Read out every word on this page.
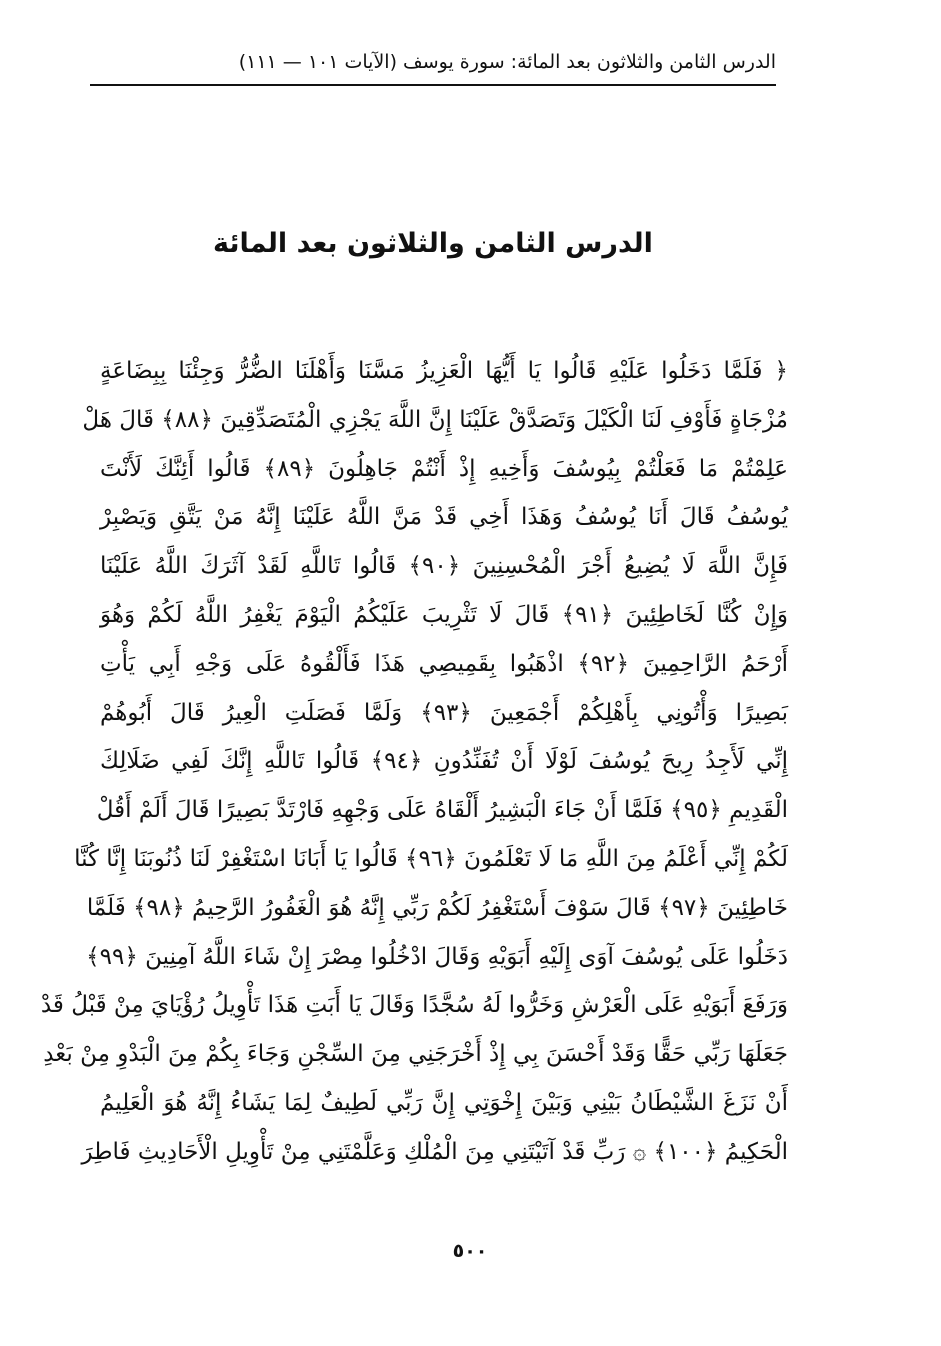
الدرس الثامن والثلاثون بعد المائة: سورة يوسف (الآيات ١٠١ — ١١١)
الدرس الثامن والثلاثون بعد المائة
﴿ فَلَمَّا دَخَلُوا عَلَيْهِ قَالُوا يَا أَيُّهَا الْعَزِيزُ مَسَّنَا وَأَهْلَنَا الضُّرُّ وَجِئْنَا بِبِضَاعَةٍ
مُزْجَاةٍ فَأَوْفِ لَنَا الْكَيْلَ وَتَصَدَّقْ عَلَيْنَا إِنَّ اللَّهَ يَجْزِي الْمُتَصَدِّقِينَ ﴿٨٨﴾ قَالَ هَلْ
عَلِمْتُمْ مَا فَعَلْتُمْ بِيُوسُفَ وَأَخِيهِ إِذْ أَنْتُمْ جَاهِلُونَ ﴿٨٩﴾ قَالُوا أَئِنَّكَ لَأَنْتَ
يُوسُفُ قَالَ أَنَا يُوسُفُ وَهَذَا أَخِي قَدْ مَنَّ اللَّهُ عَلَيْنَا إِنَّهُ مَنْ يَتَّقِ وَيَصْبِرْ
فَإِنَّ اللَّهَ لَا يُضِيعُ أَجْرَ الْمُحْسِنِينَ ﴿٩٠﴾ قَالُوا تَاللَّهِ لَقَدْ آثَرَكَ اللَّهُ عَلَيْنَا
وَإِنْ كُنَّا لَخَاطِئِينَ ﴿٩١﴾ قَالَ لَا تَثْرِيبَ عَلَيْكُمُ الْيَوْمَ يَغْفِرُ اللَّهُ لَكُمْ وَهُوَ
أَرْحَمُ الرَّاحِمِينَ ﴿٩٢﴾ اذْهَبُوا بِقَمِيصِي هَذَا فَأَلْقُوهُ عَلَى وَجْهِ أَبِي يَأْتِ
بَصِيرًا وَأْتُونِي بِأَهْلِكُمْ أَجْمَعِينَ ﴿٩٣﴾ وَلَمَّا فَصَلَتِ الْعِيرُ قَالَ أَبُوهُمْ
إِنِّي لَأَجِدُ رِيحَ يُوسُفَ لَوْلَا أَنْ تُفَنِّدُونِ ﴿٩٤﴾ قَالُوا تَاللَّهِ إِنَّكَ لَفِي ضَلَالِكَ
الْقَدِيمِ ﴿٩٥﴾ فَلَمَّا أَنْ جَاءَ الْبَشِيرُ أَلْقَاهُ عَلَى وَجْهِهِ فَارْتَدَّ بَصِيرًا قَالَ أَلَمْ أَقُلْ
لَكُمْ إِنِّي أَعْلَمُ مِنَ اللَّهِ مَا لَا تَعْلَمُونَ ﴿٩٦﴾ قَالُوا يَا أَبَانَا اسْتَغْفِرْ لَنَا ذُنُوبَنَا إِنَّا كُنَّا
خَاطِئِينَ ﴿٩٧﴾ قَالَ سَوْفَ أَسْتَغْفِرُ لَكُمْ رَبِّي إِنَّهُ هُوَ الْغَفُورُ الرَّحِيمُ ﴿٩٨﴾ فَلَمَّا
دَخَلُوا عَلَى يُوسُفَ آوَى إِلَيْهِ أَبَوَيْهِ وَقَالَ ادْخُلُوا مِصْرَ إِنْ شَاءَ اللَّهُ آمِنِينَ ﴿٩٩﴾
وَرَفَعَ أَبَوَيْهِ عَلَى الْعَرْشِ وَخَرُّوا لَهُ سُجَّدًا وَقَالَ يَا أَبَتِ هَذَا تَأْوِيلُ رُؤْيَايَ مِنْ قَبْلُ قَدْ
جَعَلَهَا رَبِّي حَقًّا وَقَدْ أَحْسَنَ بِي إِذْ أَخْرَجَنِي مِنَ السِّجْنِ وَجَاءَ بِكُمْ مِنَ الْبَدْوِ مِنْ بَعْدِ
أَنْ نَزَغَ الشَّيْطَانُ بَيْنِي وَبَيْنَ إِخْوَتِي إِنَّ رَبِّي لَطِيفٌ لِمَا يَشَاءُ إِنَّهُ هُوَ الْعَلِيمُ
الْحَكِيمُ ﴿١٠٠﴾ ۞ رَبِّ قَدْ آتَيْتَنِي مِنَ الْمُلْكِ وَعَلَّمْتَنِي مِنْ تَأْوِيلِ الْأَحَادِيثِ فَاطِرَ
٥٠٠
